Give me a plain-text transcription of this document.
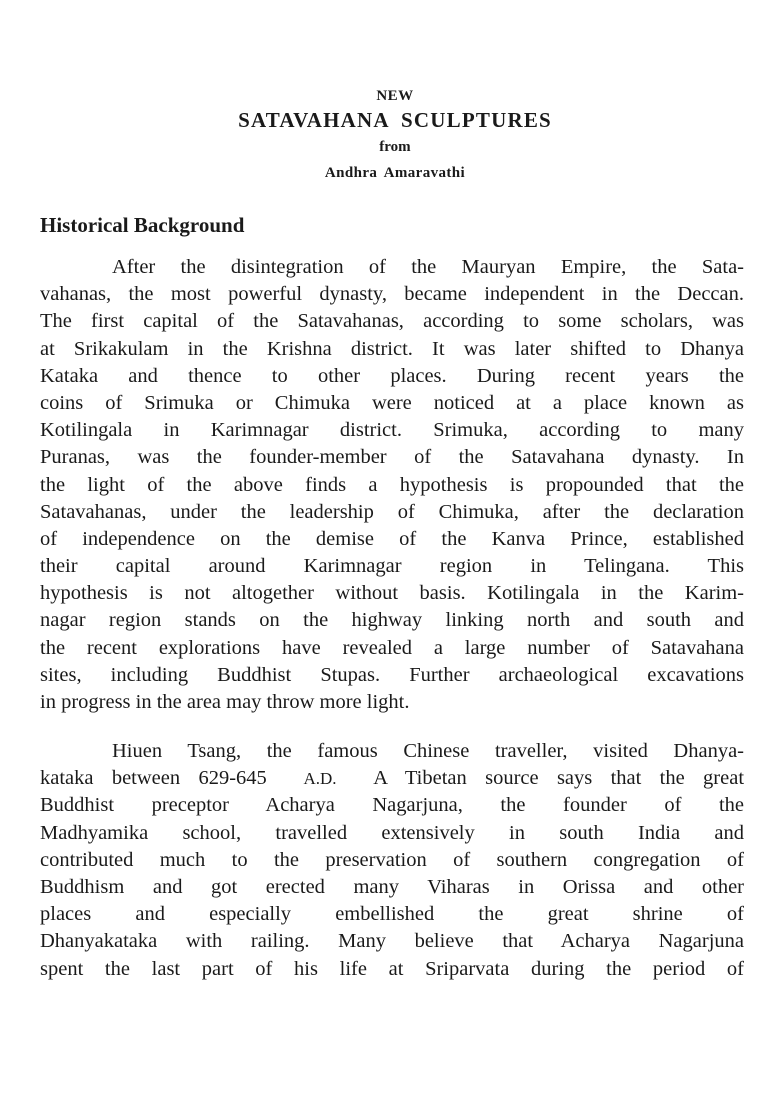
NEW
SATAVAHANA SCULPTURES
from
Andhra Amaravathi
Historical Background
After the disintegration of the Mauryan Empire, the Sata-
vahanas, the most powerful dynasty, became independent in the Deccan.
The first capital of the Satavahanas, according to some scholars, was
at Srikakulam in the Krishna district. It was later shifted to Dhanya
Kataka and thence to other places. During recent years the
coins of Srimuka or Chimuka were noticed at a place known as
Kotilingala in Karimnagar district. Srimuka, according to many
Puranas, was the founder-member of the Satavahana dynasty. In
the light of the above finds a hypothesis is propounded that the
Satavahanas, under the leadership of Chimuka, after the declaration
of independence on the demise of the Kanva Prince, established
their capital around Karimnagar region in Telingana. This
hypothesis is not altogether without basis. Kotilingala in the Karim-
nagar region stands on the highway linking north and south and
the recent explorations have revealed a large number of Satavahana
sites, including Buddhist Stupas. Further archaeological excavations
in progress in the area may throw more light.
Hiuen Tsang, the famous Chinese traveller, visited Dhanya-
kataka between 629-645 A.D. A Tibetan source says that the great
Buddhist preceptor Acharya Nagarjuna, the founder of the
Madhyamika school, travelled extensively in south India and
contributed much to the preservation of southern congregation of
Buddhism and got erected many Viharas in Orissa and other
places and especially embellished the great shrine of
Dhanyakataka with railing. Many believe that Acharya Nagarjuna
spent the last part of his life at Sriparvata during the period of
